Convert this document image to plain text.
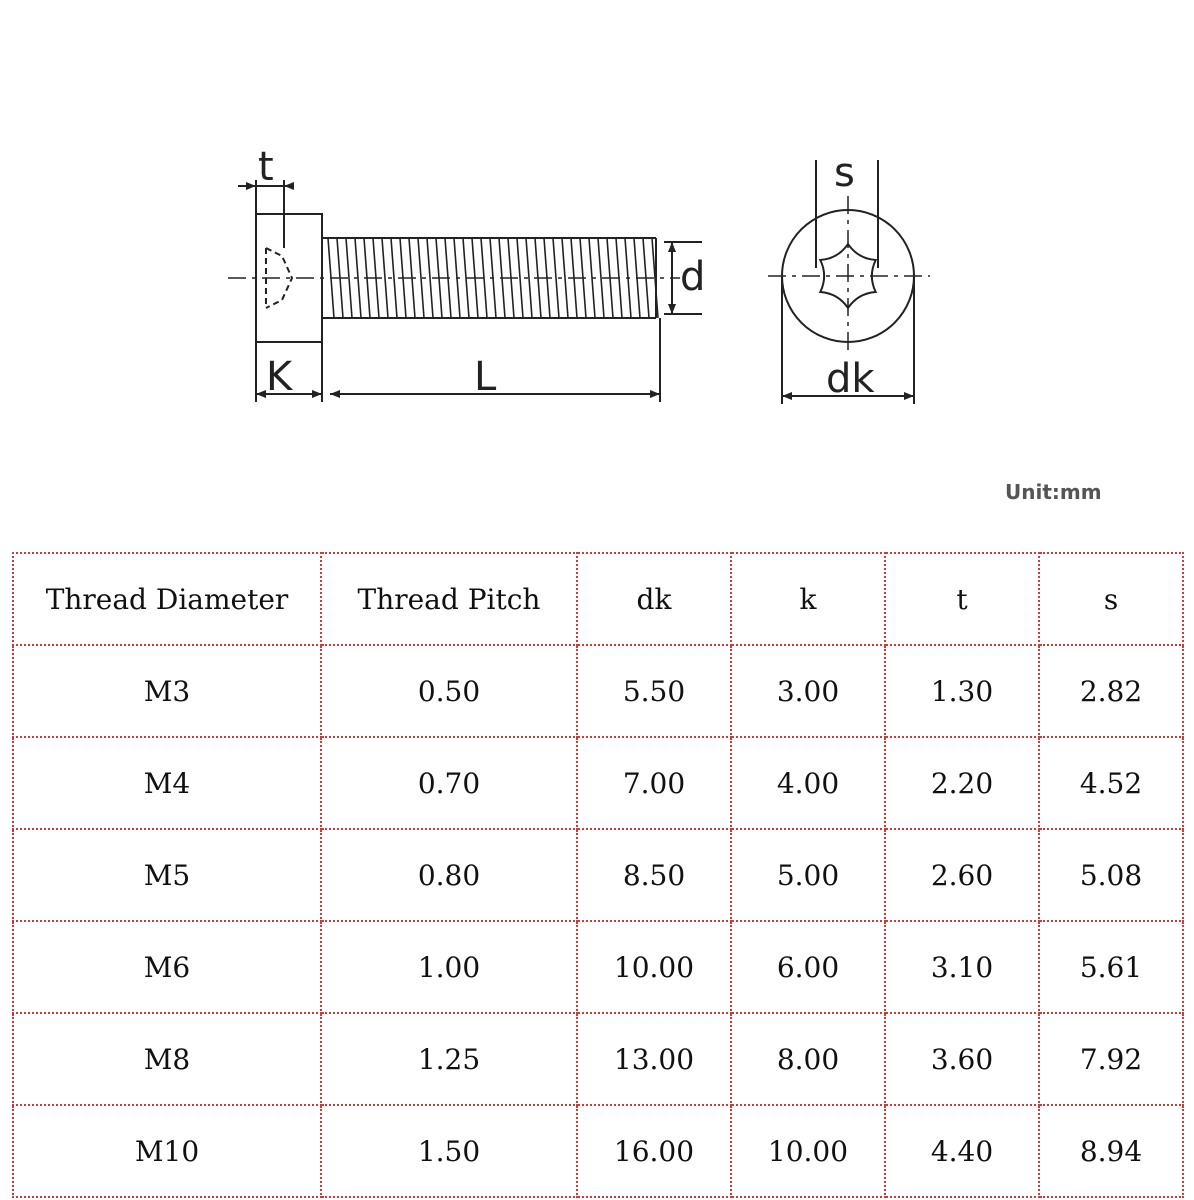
t
d
K	L
s
dk
Unit:mm
Thread Diameter	Thread Pitch	dk	k	t	s
M3	0.50	5.50	3.00	1.30	2.82
M4	0.70	7.00	4.00	2.20	4.52
M5	0.80	8.50	5.00	2.60	5.08
M6	1.00	10.00	6.00	3.10	5.61
M8	1.25	13.00	8.00	3.60	7.92
M10	1.50	16.00	10.00	4.40	8.94
